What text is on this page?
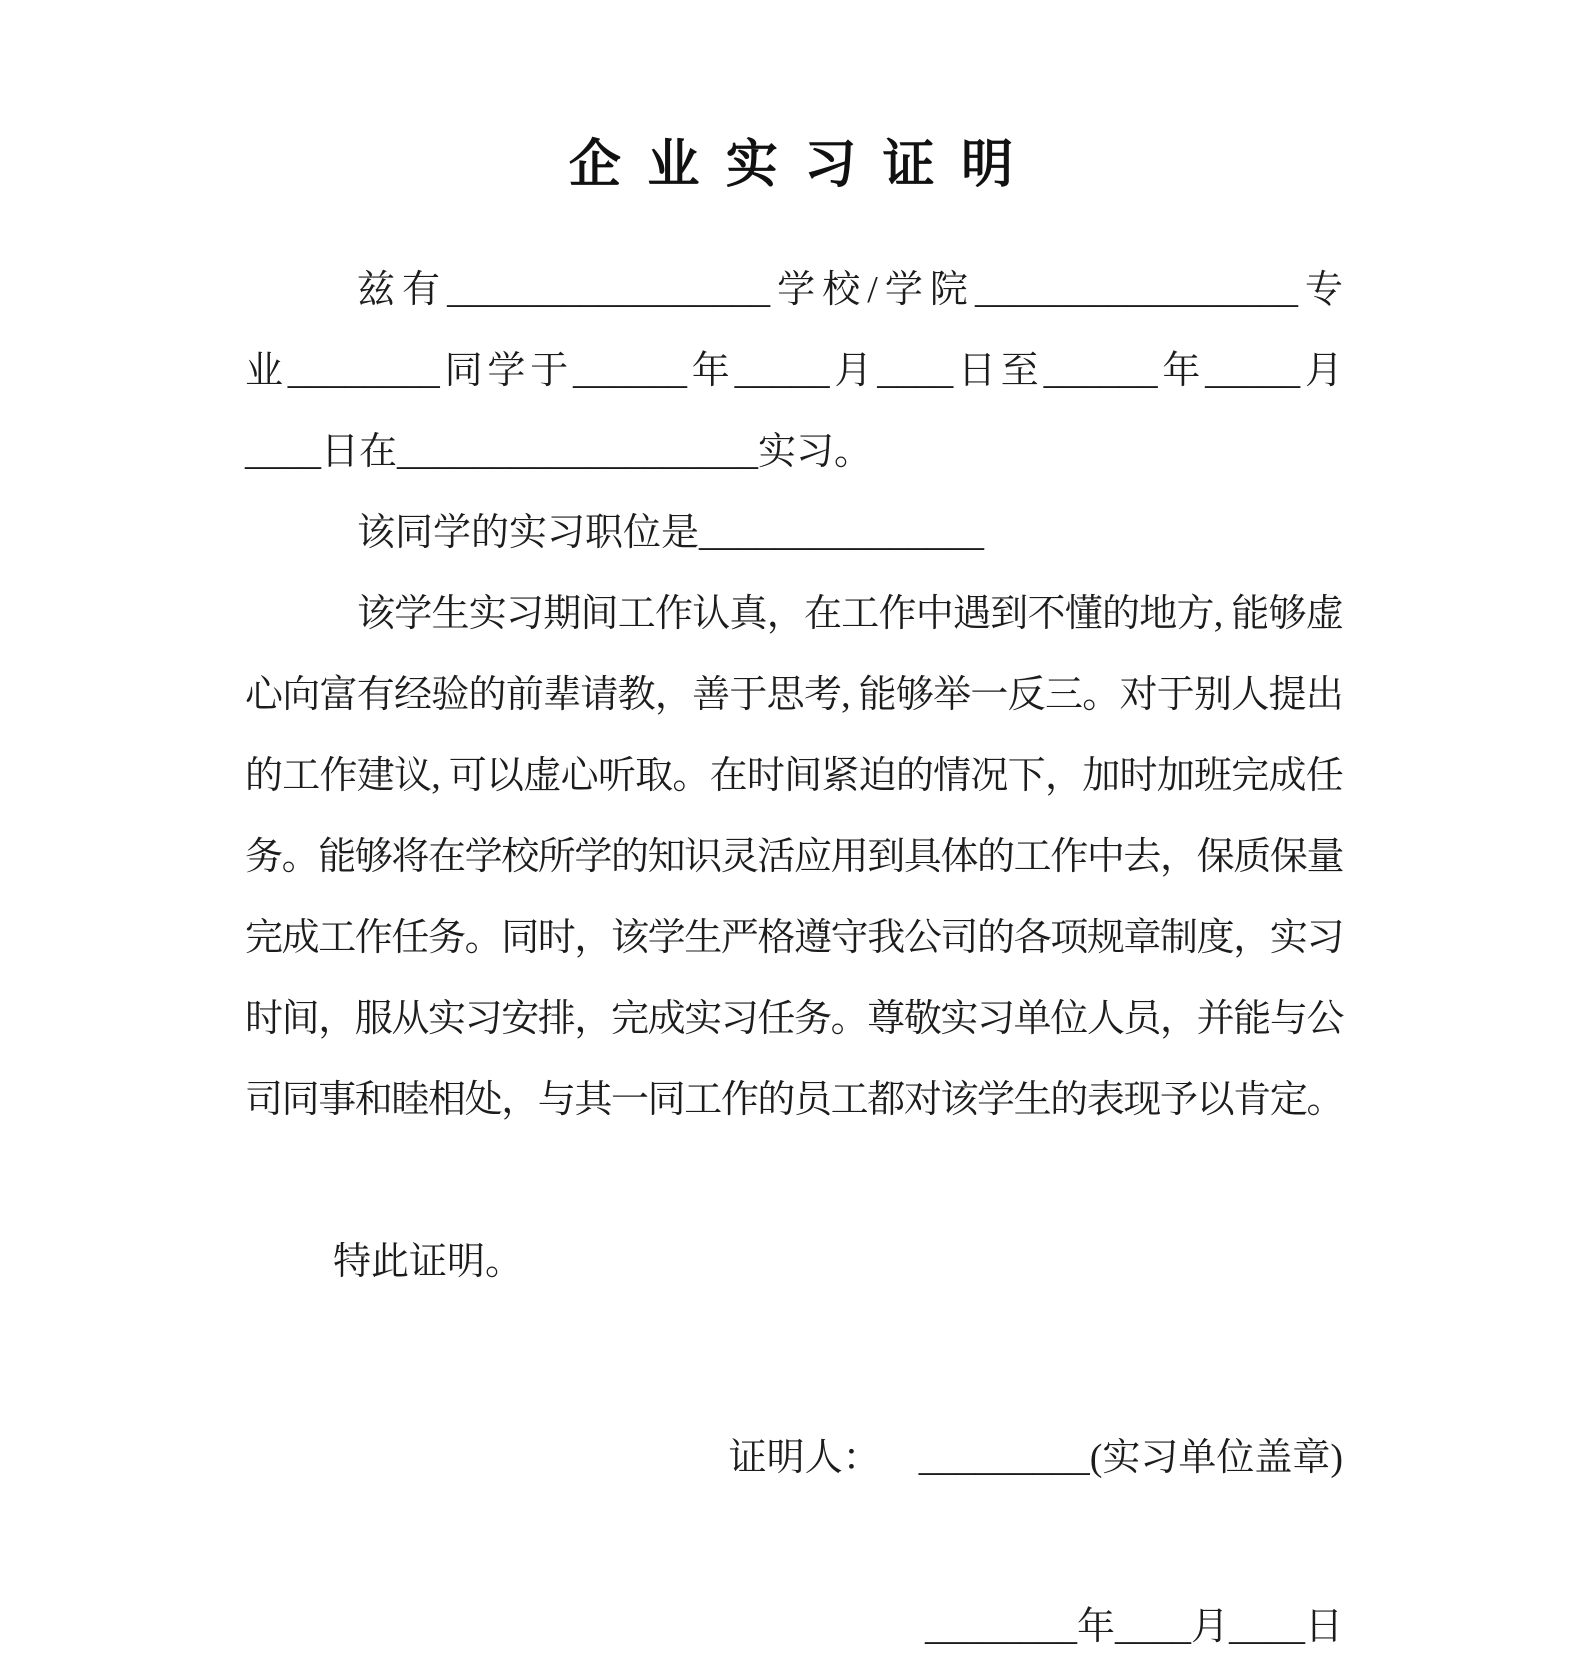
企 业 实 习 证 明
兹有_________________学校/学院_________________专
业________同学于______年_____月____日至______年_____月
____日在___________________实习。
该同学的实习职位是_______________
该学生实习期间工作认真，在工作中遇到不懂的地方, 能够虚
心向富有经验的前辈请教，善于思考, 能够举一反三。对于别人提出
的工作建议, 可以虚心听取。在时间紧迫的情况下，加时加班完成任
务。能够将在学校所学的知识灵活应用到具体的工作中去，保质保量
完成工作任务。同时，该学生严格遵守我公司的各项规章制度，实习
时间，服从实习安排，完成实习任务。尊敬实习单位人员，并能与公
司同事和睦相处，与其一同工作的员工都对该学生的表现予以肯定。
特此证明。
证明人： _________(实习单位盖章)
________年____月____日
